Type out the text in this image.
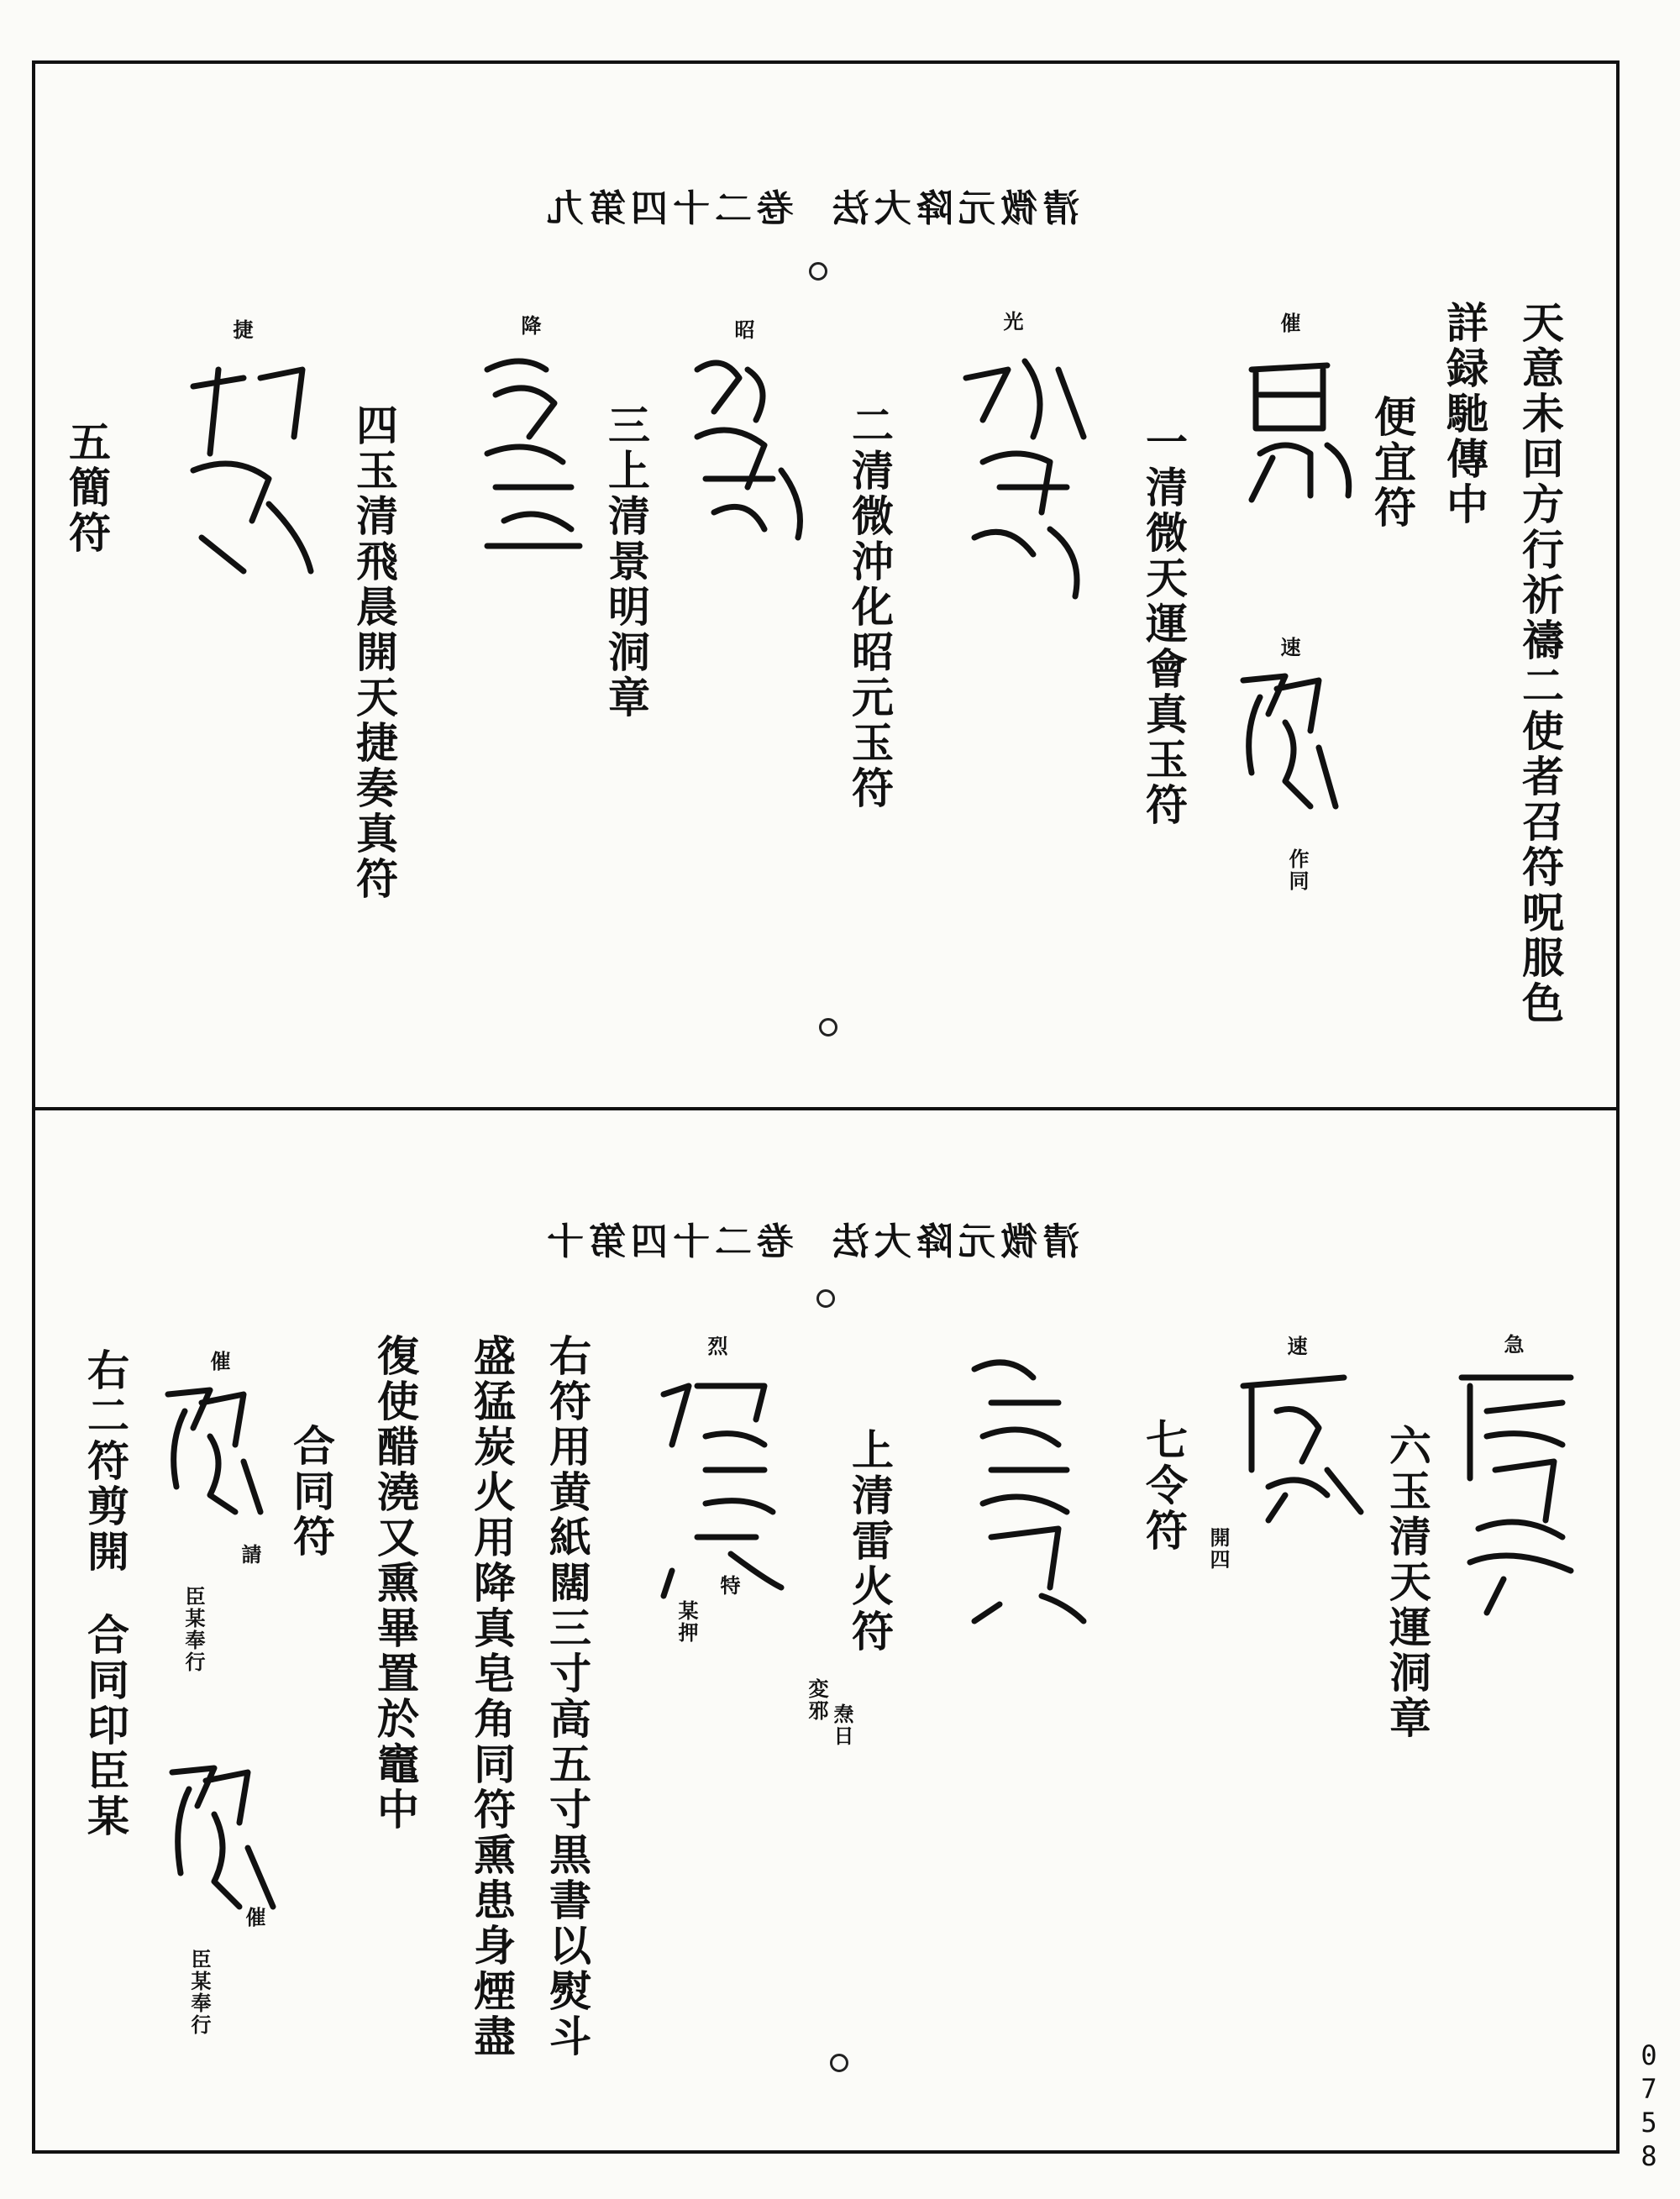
卷二十四第九 清微元降大法
天意未回方行祈禱二使者召符呪服色
詳録馳傳中
便宜符
催
一清微天運會真玉符	速
作同
光
二清微沖化昭元玉符
昭
三上清景明洞章
降
四玉清飛晨開天捷奏真符
捷
五簡符
卷二十四第十 清微元降大法
急
六玉清天運洞章
速
開四
七令符
上清雷火符
変邪
焘日
烈
特
某押
右符用黄紙闊三寸高五寸黒書以熨斗
盛猛炭火用降真皂角同符熏患身煙盡
復使醋澆又熏畢置於竈中
合同符
催
請
臣某奉行
催
臣某奉行
右二符剪開
合同印臣某
0758
